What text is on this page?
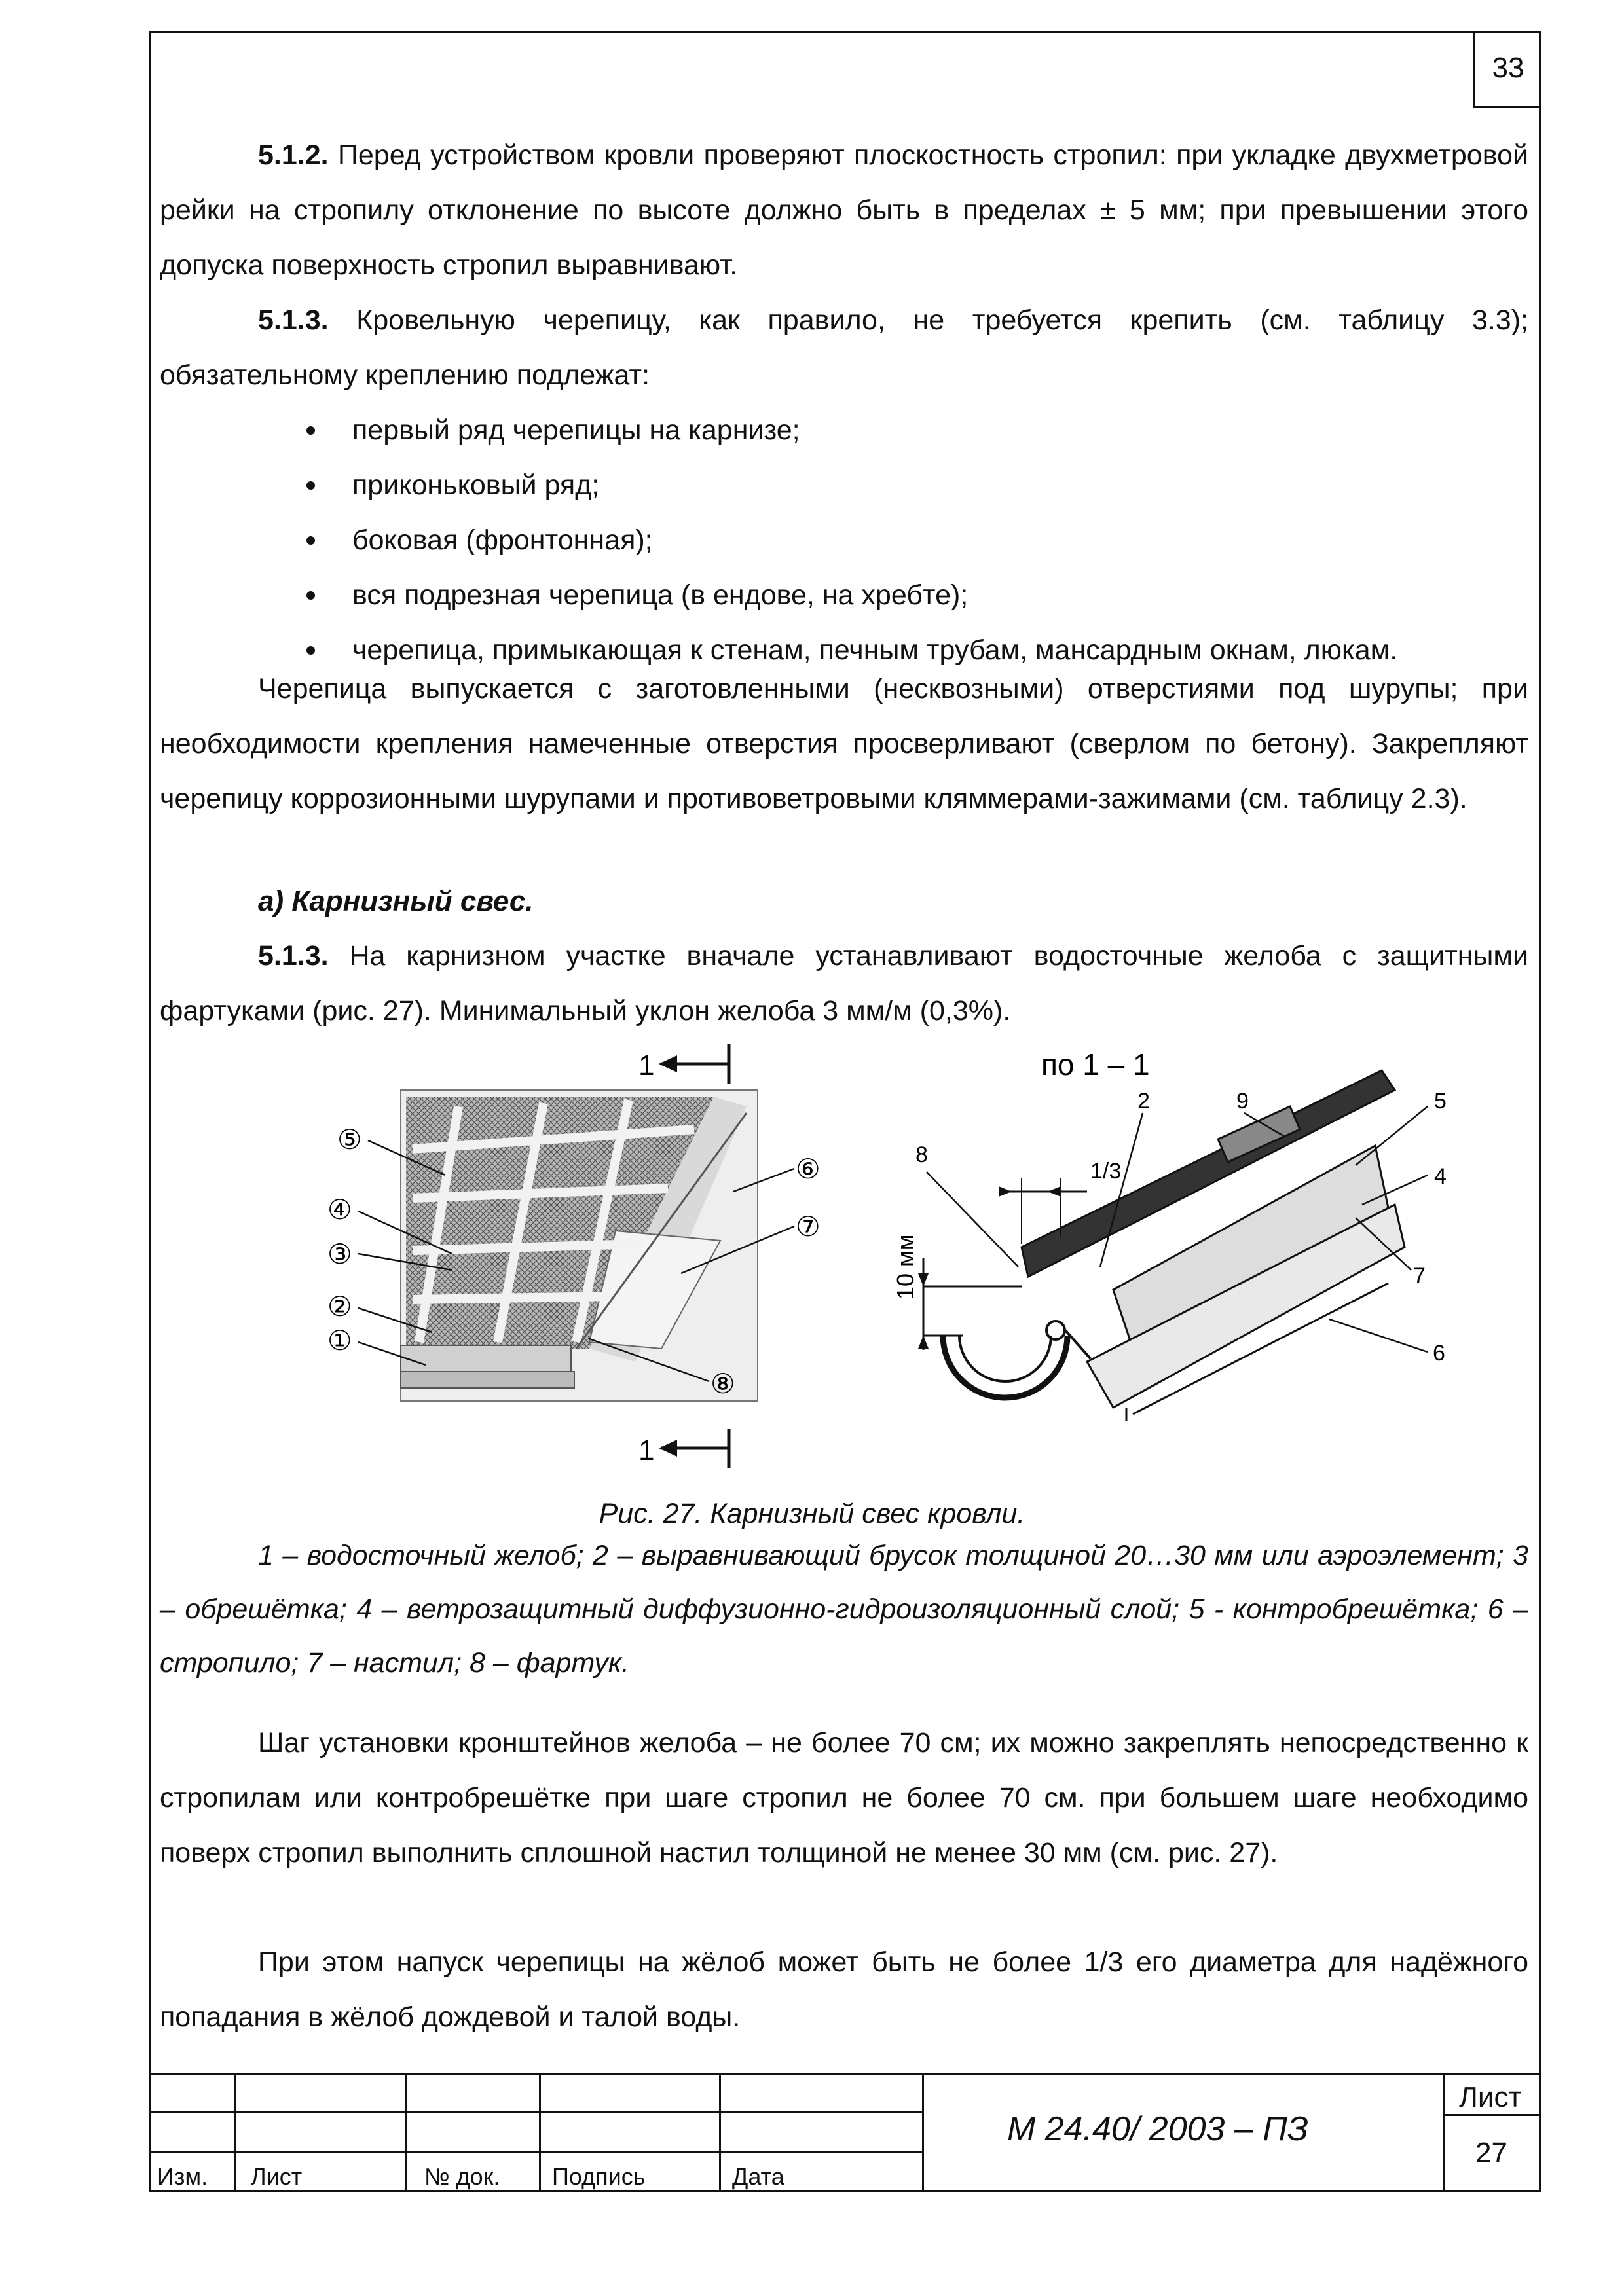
33

5.1.2. Перед устройством кровли проверяют плоскостность стропил: при укладке двухметровой рейки на стропилу отклонение по высоте должно быть в пределах ± 5 мм; при превышении этого допуска поверхность стропил выравнивают.

5.1.3. Кровельную черепицу, как правило, не требуется крепить (см. таблицу 3.3); обязательному креплению подлежат:

первый ряд черепицы на карнизе;
приконьковый ряд;
боковая (фронтонная);
вся подрезная черепица (в ендове, на хребте);
черепица, примыкающая к стенам, печным трубам, мансардным окнам, люкам.

Черепица выпускается с заготовленными (несквозными) отверстиями под шурупы; при необходимости крепления намеченные отверстия просверливают (сверлом по бетону). Закрепляют черепицу коррозионными шурупами и противоветровыми кляммерами-зажимами (см. таблицу 2.3).

а) Карнизный свес.

5.1.3. На карнизном участке вначале устанавливают водосточные желоба с защитными фартуками (рис. 27). Минимальный уклон желоба 3 мм/м (0,3%).

1
1
по 1 – 1
⑤
④
③
②
①
⑥
⑦
⑧
10 мм
2	9	5
8
1/3	4
7
6
Рис. 27. Карнизный свес кровли.

1 – водосточный желоб; 2 – выравнивающий брусок толщиной 20…30 мм или аэроэлемент; 3 – обрешётка; 4 – ветрозащитный диффузионно-гидроизоляционный слой; 5 - контробрешётка; 6 – стропило; 7 – настил; 8 – фартук.

Шаг установки кронштейнов желоба – не более 70 см; их можно закреплять непосредственно к стропилам или контробрешётке при шаге стропил не более 70 см. при большем шаге необходимо поверх стропил выполнить сплошной настил толщиной не менее 30 мм (см. рис. 27).

При этом напуск черепицы на жёлоб может быть не более 1/3 его диаметра для надёжного попадания в жёлоб дождевой и талой воды.

Изм. Лист	№ док. Подпись	Дата
М 24.40/ 2003 – ПЗ
Лист
27
